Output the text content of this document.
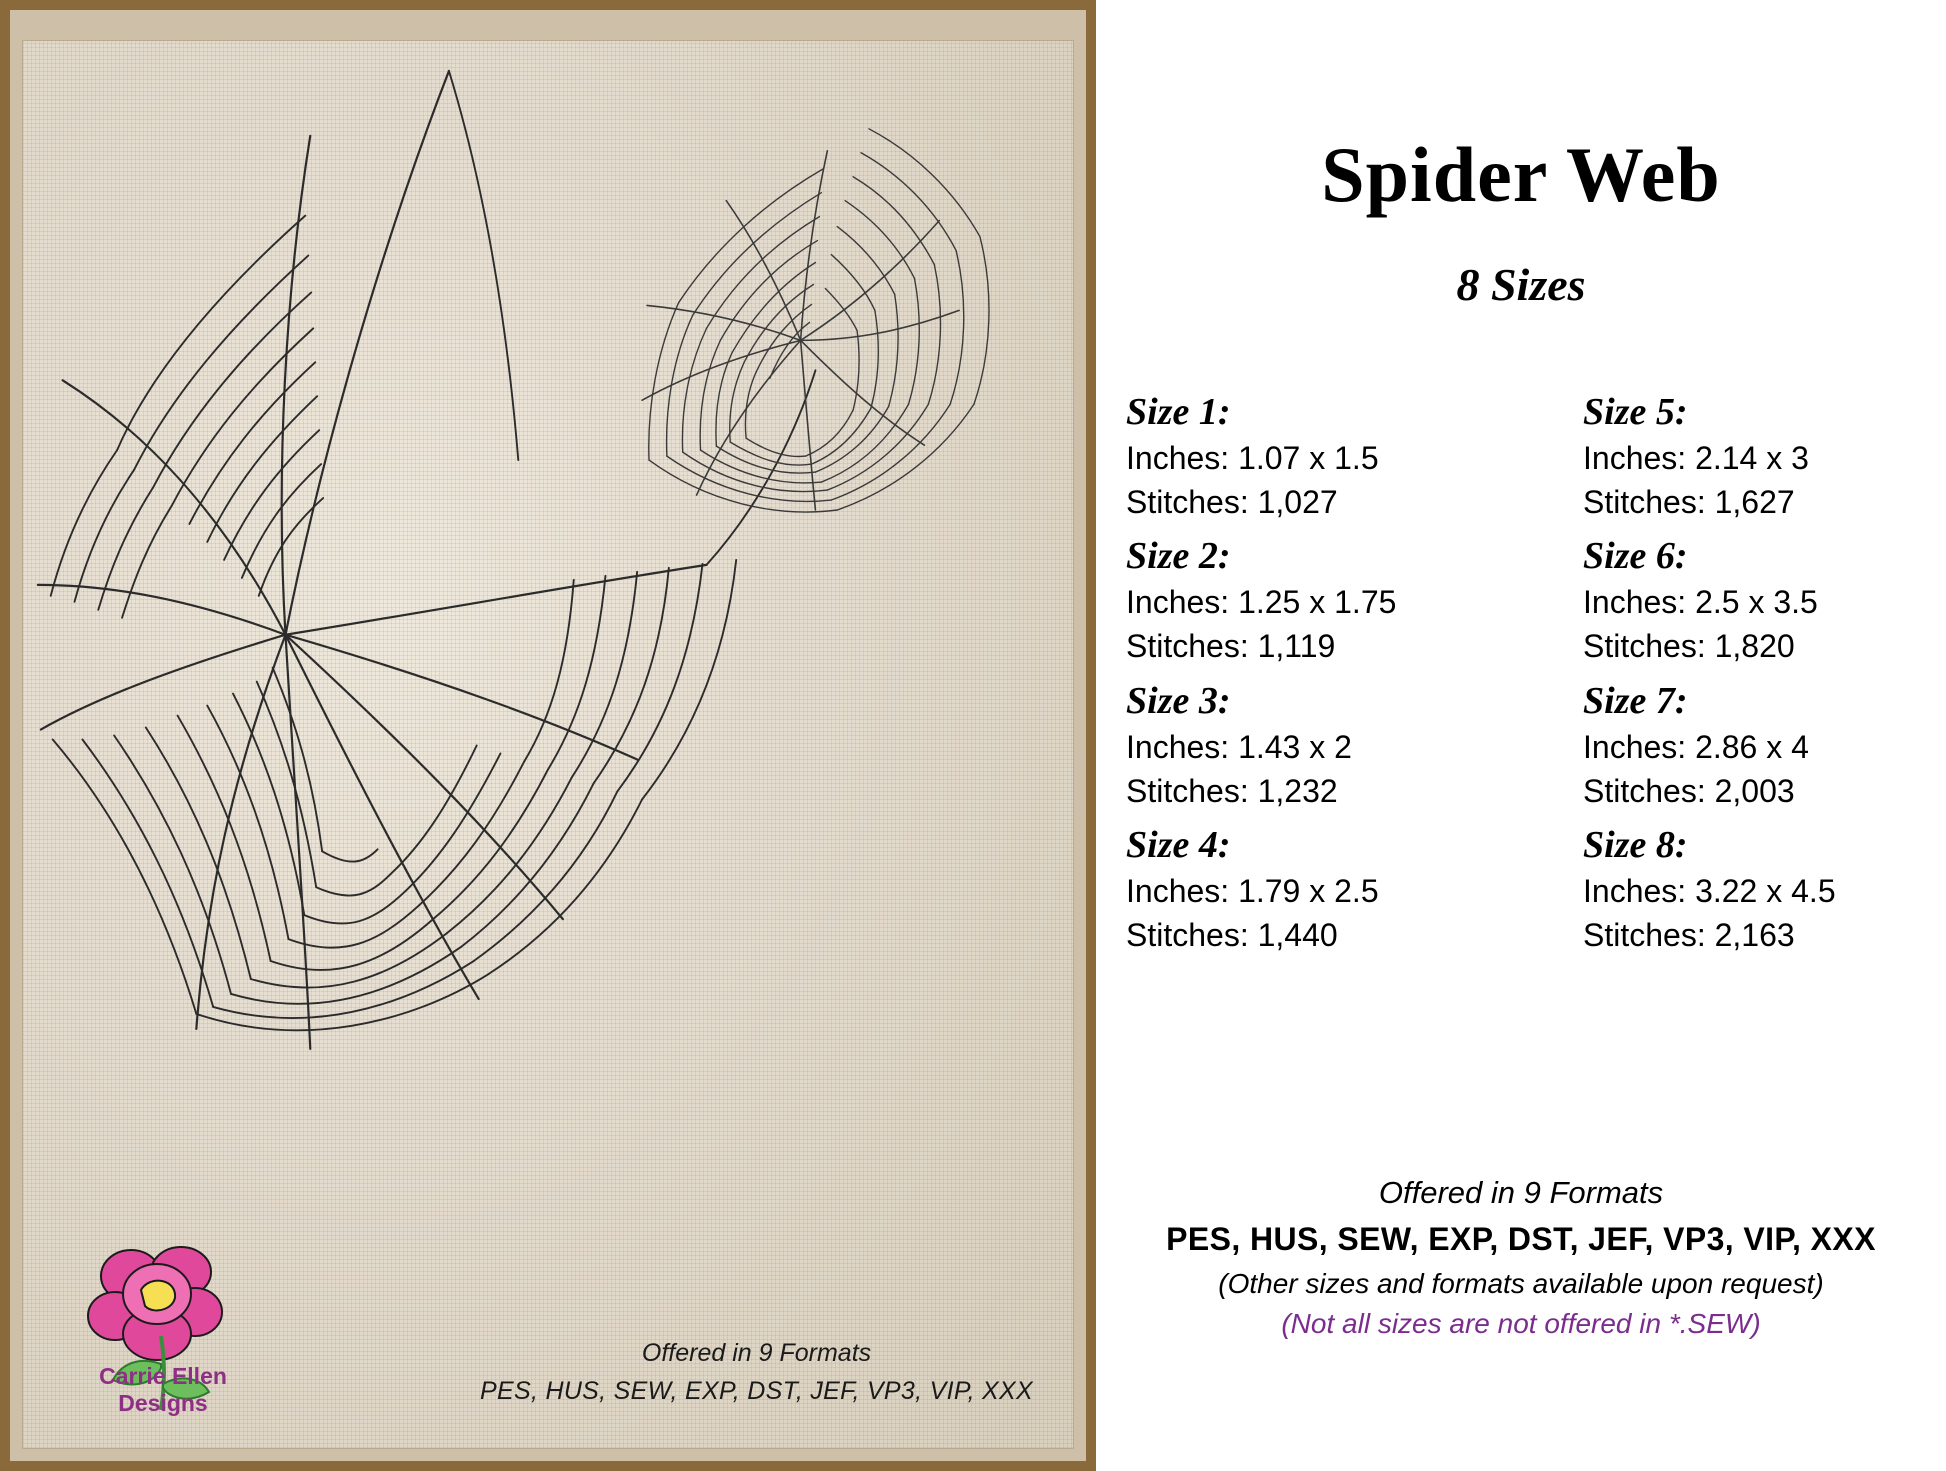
Carrie Ellen
Designs
Offered in 9 Formats
PES, HUS, SEW, EXP, DST, JEF, VP3, VIP, XXX
Spider Web
8 Sizes
Size 1:
Inches: 1.07 x 1.5
Stitches: 1,027
Size 2:
Inches: 1.25 x 1.75
Stitches: 1,119
Size 3:
Inches: 1.43 x 2
Stitches: 1,232
Size 4:
Inches: 1.79 x 2.5
Stitches: 1,440
Size 5:
Inches: 2.14 x 3
Stitches: 1,627
Size 6:
Inches: 2.5 x 3.5
Stitches: 1,820
Size 7:
Inches: 2.86 x 4
Stitches: 2,003
Size 8:
Inches: 3.22 x 4.5
Stitches: 2,163
Offered in 9 Formats
PES, HUS, SEW, EXP, DST, JEF, VP3, VIP, XXX
(Other sizes and formats available upon request)
(Not all sizes are not offered in *.SEW)
